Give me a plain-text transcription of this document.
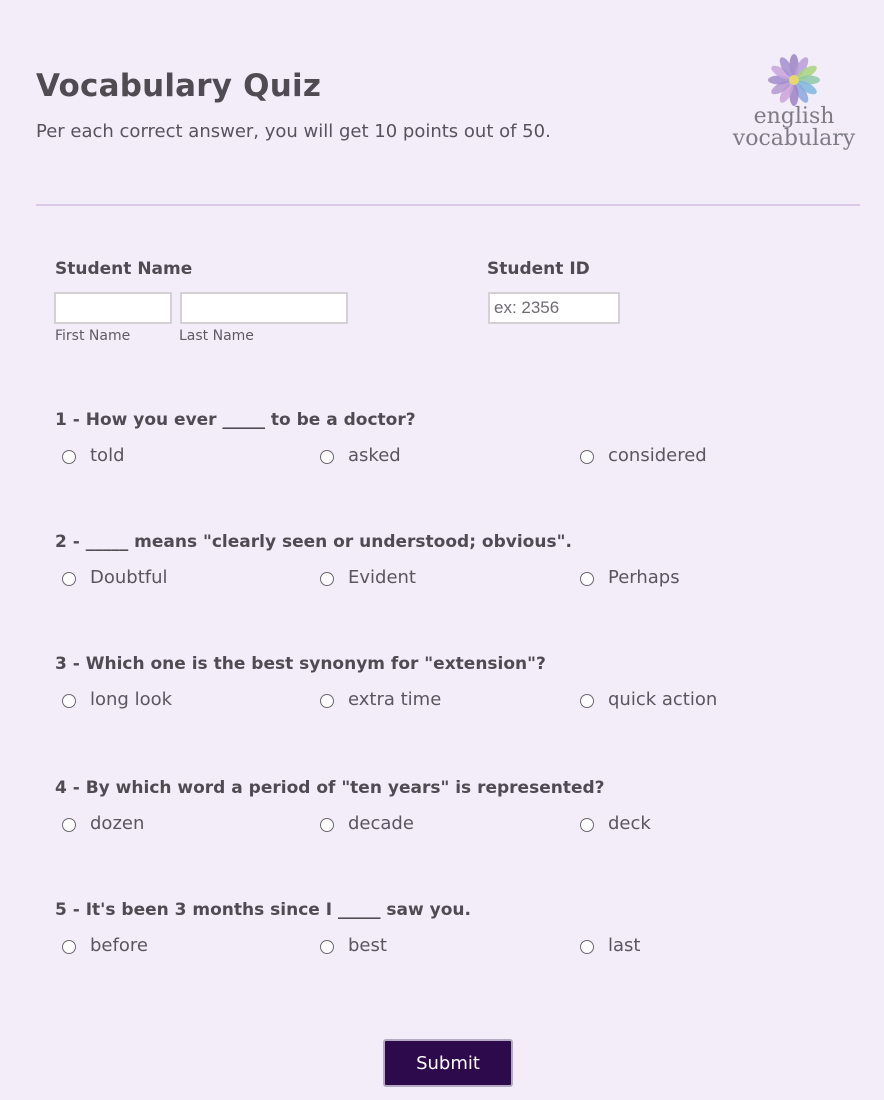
Vocabulary Quiz
Per each correct answer, you will get 10 points out of 50.
english
vocabulary
Student Name
First Name	Last Name
Student ID
ex: 2356
1 - How you ever _____ to be a doctor?
told	asked	considered
2 - _____ means "clearly seen or understood; obvious".
Doubtful	Evident	Perhaps
3 - Which one is the best synonym for "extension"?
long look	extra time	quick action
4 - By which word a period of "ten years" is represented?
dozen	decade	deck
5 - It's been 3 months since I _____ saw you.
before	best	last
Submit
